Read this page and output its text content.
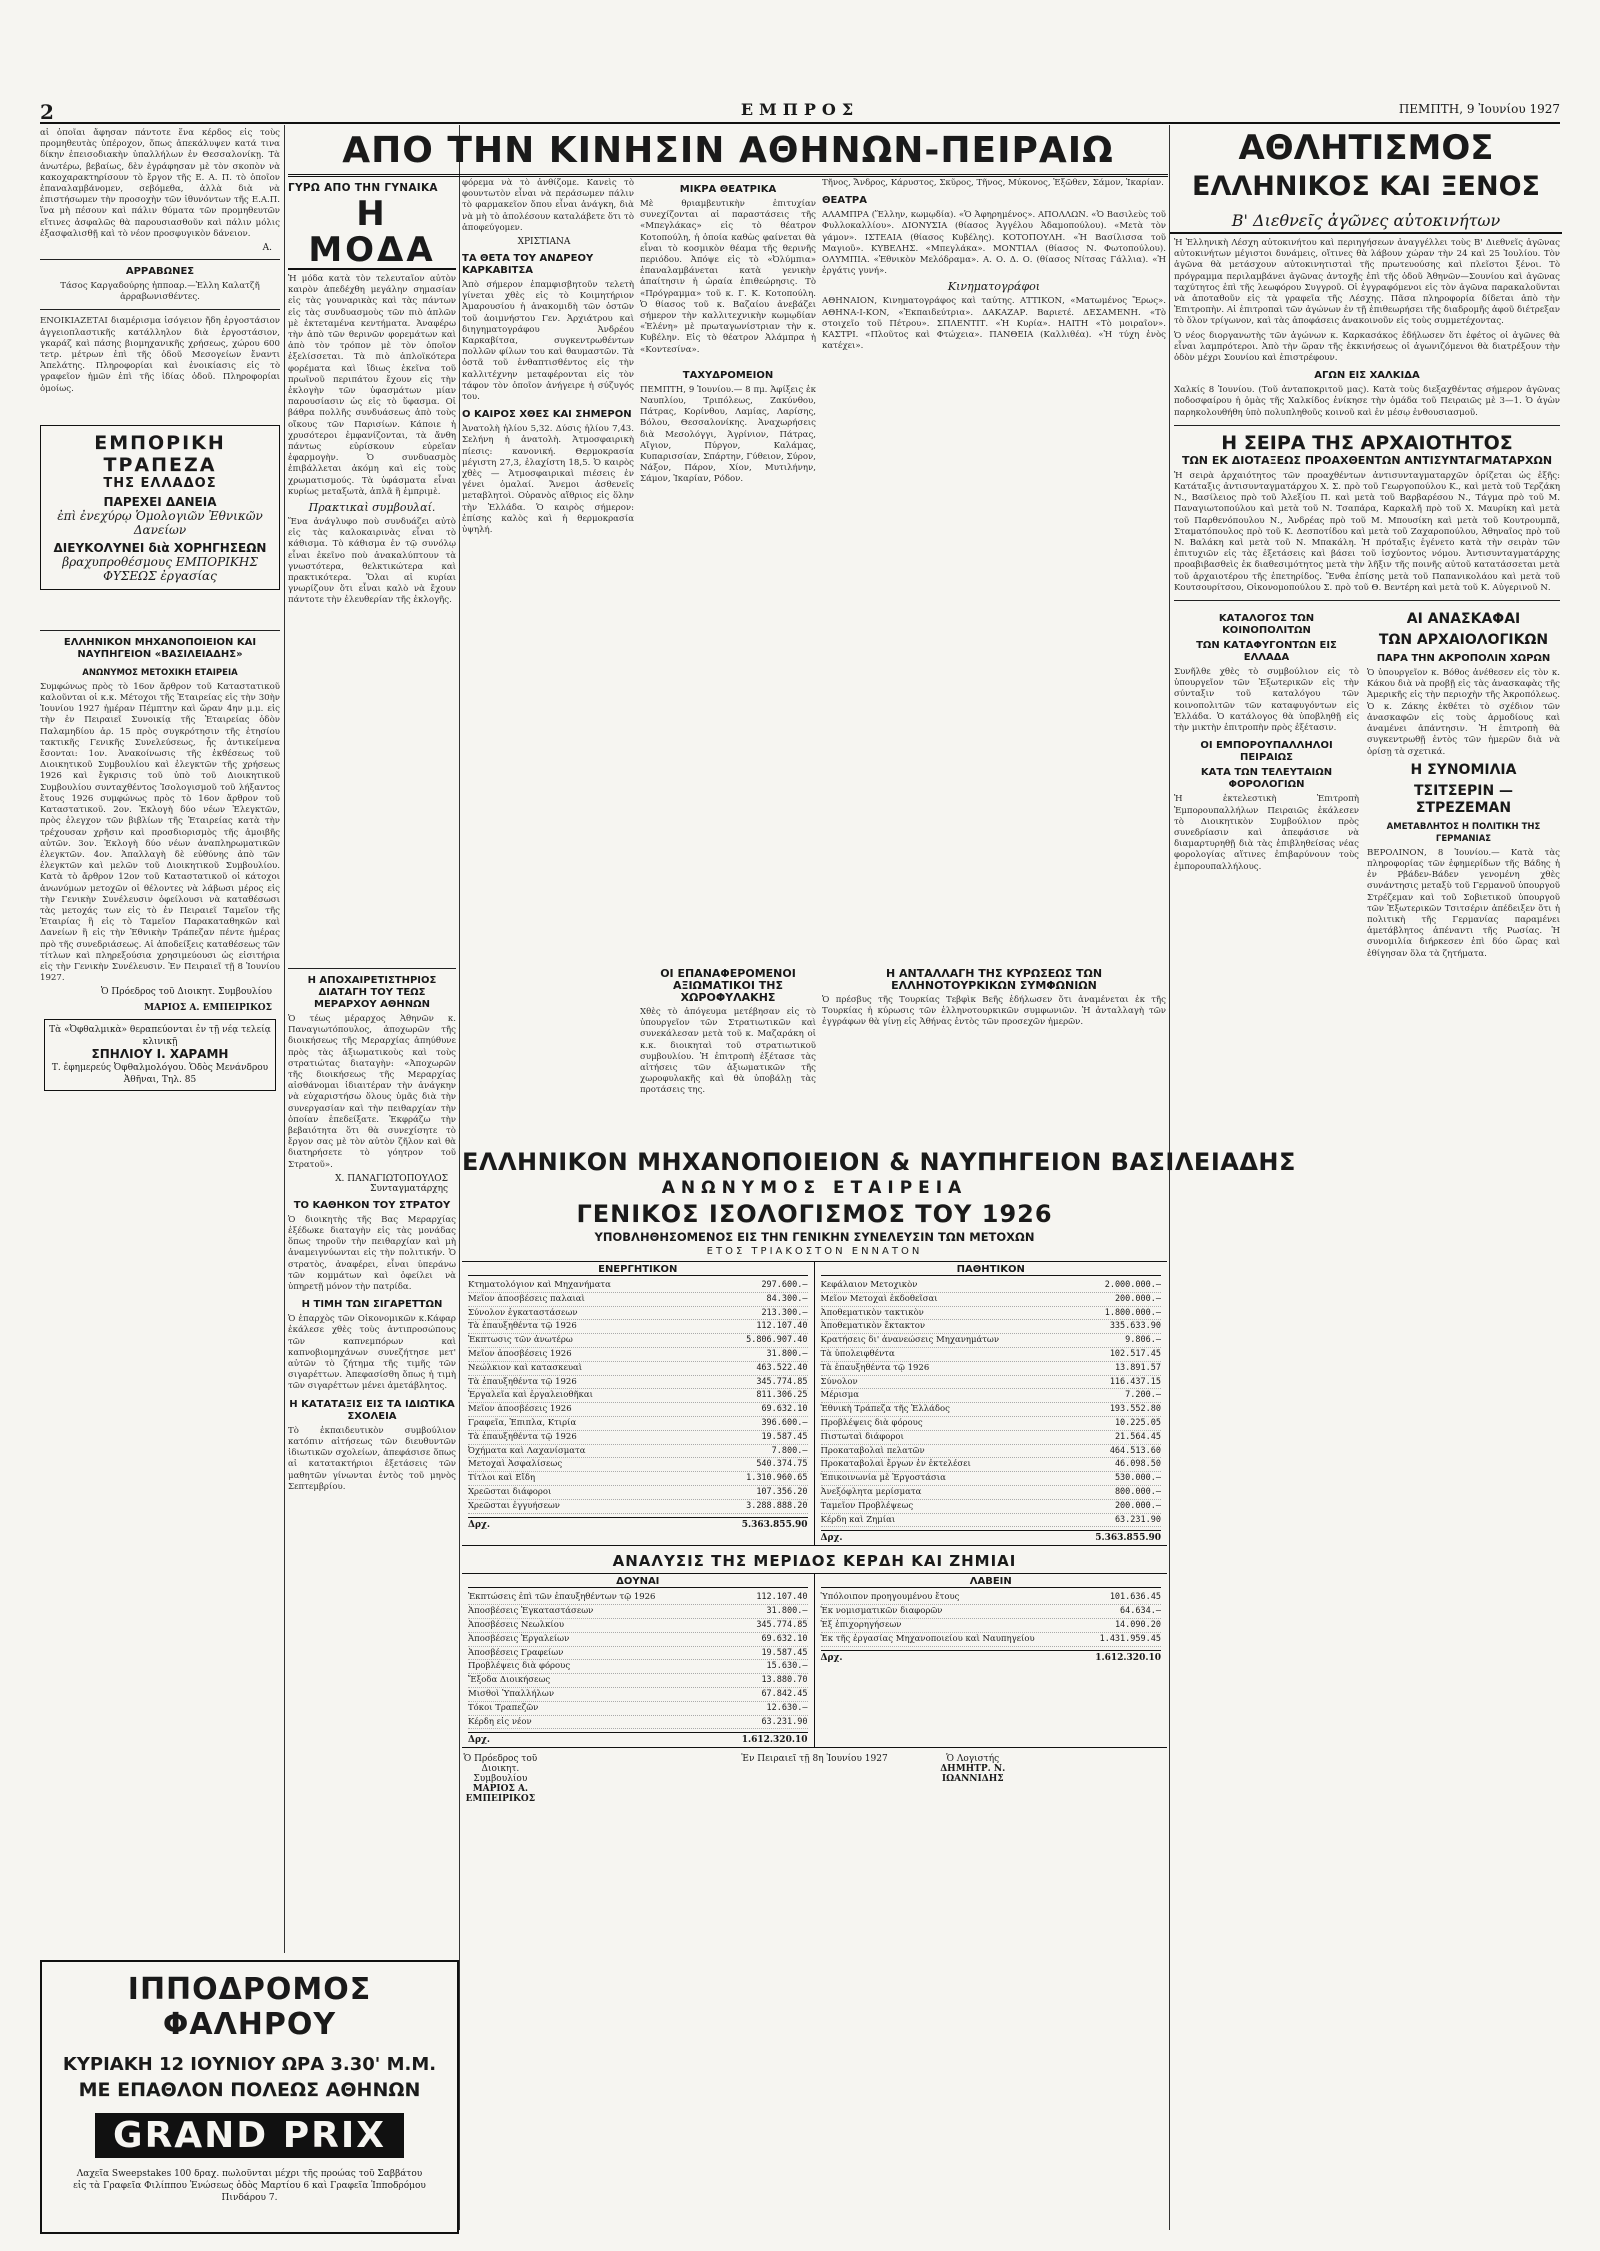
2	ΕΜΠΡΟΣ	ΠΕΜΠΤΗ, 9 Ἰουνίου 1927
ΑΠΟ ΤΗΝ ΚΙΝΗΣΙΝ ΑΘΗΝΩΝ-ΠΕΙΡΑΙΩ	ΑΘΛΗΤΙΣΜΟΣ
ΕΛΛΗΝΙΚΟΣ ΚΑΙ ΞΕΝΟΣ
Β' Διεθνεῖς ἀγῶνες αὐτοκινήτων

αἱ ὁποῖαι ἄφησαν πάντοτε ἕνα κέρδος εἰς τοὺς προμηθευτὰς ὑπέροχον, ὅπως ἀπεκάλυψεν κατά τινα δίκην ἐπεισοδιακὴν ὑπαλλήλων ἐν Θεσσαλονίκῃ. Τὰ ἀνωτέρω, βεβαίως, δὲν ἐγράφησαν μὲ τὸν σκοπὸν νὰ κακοχαρακτηρίσουν τὸ ἔργον τῆς Ε. Α. Π. τὸ ὁποῖον ἐπαναλαμβάνομεν, σεβόμεθα, ἀλλὰ διὰ νὰ ἐπιστήσωμεν τὴν προσοχὴν τῶν ἰθυνόντων τῆς Ε.Α.Π. ἵνα μὴ πέσουν καὶ πάλιν θύματα τῶν προμηθευτῶν εἴτινες ἀσφαλῶς θὰ παρουσιασθοῦν καὶ πάλιν μόλις ἐξασφαλισθῇ καὶ τὸ νέον προσφυγικὸν δάνειον.

Α.
ΑΡΡΑΒΩΝΕΣ

Τάσος Καργαδούρης ἠπποαρ.—Ἑλλη Καλατζῆ ἀρραβωνισθέντες.

ΕΝΟΙΚΙΑΖΕΤΑΙ διαμέρισμα ἰσόγειον ἤδη ἐργοστάσιον ἀγγειοπλαστικῆς κατάλληλον διὰ ἐργοστάσιον, γκαράζ καὶ πάσης βιομηχανικῆς χρήσεως, χώρου 600 τετρ. μέτρων ἐπὶ τῆς ὁδοῦ Μεσογείων ἔναντι Ἀπελάτης. Πληροφορίαι καὶ ἐνοικίασις εἰς τὸ γραφεῖον ἡμῶν ἐπὶ τῆς ἰδίας ὁδοῦ. Πληροφορίαι ὁμοίως.

ΕΜΠΟΡΙΚΗ ΤΡΑΠΕΖΑ
ΤΗΣ ΕΛΛΑΔΟΣ
ΠΑΡΕΧΕΙ ΔΑΝΕΙΑ
ἐπὶ ἐνεχύρῳ Ὁμολογιῶν Ἐθνικῶν Δανείων
ΔΙΕΥΚΟΛΥΝΕΙ διὰ ΧΟΡΗΓΗΣΕΩΝ
βραχυπροθέσμους ΕΜΠΟΡΙΚΗΣ ΦΥΣΕΩΣ ἐργασίας
ΕΛΛΗΝΙΚΟΝ ΜΗΧΑΝΟΠΟΙΕΙΟΝ ΚΑΙ ΝΑΥΠΗΓΕΙΟΝ «ΒΑΣΙΛΕΙΑΔΗΣ»
ΑΝΩΝΥΜΟΣ ΜΕΤΟΧΙΚΗ ΕΤΑΙΡΕΙΑ

Συμφώνως πρὸς τὸ 16ον ἄρθρον τοῦ Καταστατικοῦ καλοῦνται οἱ κ.κ. Μέτοχοι τῆς Ἑταιρείας εἰς τὴν 30ὴν Ἰουνίου 1927 ἡμέραν Πέμπτην καὶ ὥραν 4ην μ.μ. εἰς τὴν ἐν Πειραιεῖ Συνοικίᾳ τῆς Ἑταιρείας ὁδὸν Παλαμηδίου ἀρ. 15 πρὸς συγκρότησιν τῆς ἐτησίου τακτικῆς Γενικῆς Συνελεύσεως, ἧς ἀντικείμενα ἔσονται: 1ον. Ἀνακοίνωσις τῆς ἐκθέσεως τοῦ Διοικητικοῦ Συμβουλίου καὶ ἐλεγκτῶν τῆς χρήσεως 1926 καὶ ἔγκρισις τοῦ ὑπὸ τοῦ Διοικητικοῦ Συμβουλίου συνταχθέντος Ἰσολογισμοῦ τοῦ λήξαντος ἔτους 1926 συμφώνως πρὸς τὸ 16ον ἄρθρον τοῦ Καταστατικοῦ. 2ον. Ἐκλογὴ δύο νέων Ἐλεγκτῶν, πρὸς ἐλεγχον τῶν βιβλίων τῆς Ἑταιρείας κατὰ τὴν τρέχουσαν χρῆσιν καὶ προσδιορισμὸς τῆς ἀμοιβῆς αὐτῶν. 3ον. Ἐκλογὴ δύο νέων ἀναπληρωματικῶν ἐλεγκτῶν. 4ον. Ἀπαλλαγὴ δὲ εὐθύνης ἀπὸ τῶν ἐλεγκτῶν καὶ μελῶν τοῦ Διοικητικοῦ Συμβουλίου. Κατὰ τὸ ἄρθρον 12ον τοῦ Καταστατικοῦ οἱ κάτοχοι ἀνωνύμων μετοχῶν οἱ θέλοντες νὰ λάβωσι μέρος εἰς τὴν Γενικὴν Συνέλευσιν ὀφείλουσι νὰ καταθέσωσι τὰς μετοχάς των εἰς τὸ ἐν Πειραιεῖ Ταμεῖον τῆς Ἑταιρίας ἢ εἰς τὸ Ταμεῖον Παρακαταθηκῶν καὶ Δανείων ἢ εἰς τὴν Ἐθνικὴν Τράπεζαν πέντε ἡμέρας πρὸ τῆς συνεδριάσεως. Αἱ ἀποδείξεις καταθέσεως τῶν τίτλων καὶ πληρεξούσια χρησιμεύουσι ὡς εἰσιτήρια εἰς τὴν Γενικὴν Συνέλευσιν. Ἐν Πειραιεῖ τῇ 8 Ἰουνίου 1927.

Ὁ Πρόεδρος τοῦ Διοικητ. Συμβουλίου
ΜΑΡΙΟΣ Α. ΕΜΠΕΙΡΙΚΟΣ
Τὰ «Ὀφθαλμικὰ» θεραπεύονται ἐν τῇ νέᾳ τελείᾳ κλινικῇ
ΣΠΗΛΙΟΥ Ι. ΧΑΡΑΜΗ
Τ. ἐφημερεύς Ὀφθαλμολόγου. Ὁδὸς Μενάνδρου Ἀθῆναι, Τηλ. 85
ΙΠΠΟΔΡΟΜΟΣ ΦΑΛΗΡΟΥ
ΚΥΡΙΑΚΗ 12 ΙΟΥΝΙΟΥ ΩΡΑ 3.30' Μ.Μ.
ΜΕ ΕΠΑΘΛΟΝ ΠΟΛΕΩΣ ΑΘΗΝΩΝ
GRAND PRIX
Λαχεῖα Sweepstakes 100 δραχ. πωλοῦνται μέχρι τῆς προώας τοῦ Σαββάτου εἰς τὰ Γραφεῖα Φιλίππου Ἐνώσεως ὁδὸς Μαρτίου 6 καὶ Γραφεῖα Ἱπποδρόμου Πινδάρου 7.
ΓΥΡΩ ΑΠΟ ΤΗΝ ΓΥΝΑΙΚΑ
Η ΜΟΔΑ

Ἡ μόδα κατὰ τὸν τελευταῖον αὐτὸν καιρὸν ἀπεδέχθη μεγάλην σημασίαν εἰς τὰς γουναρικὰς καὶ τὰς πάντων εἰς τὰς συνδυασμοὺς τῶν πιὸ ἁπλῶν μὲ ἐκτεταμένα κεντήματα. Ἀναφέρω τὴν ἀπὸ τῶν θερινῶν φορεμάτων καὶ ἀπὸ τὸν τρόπον μὲ τὸν ὁποῖον ἐξελίσσεται. Τὰ πιὸ ἀπλοϊκότερα φορέματα καὶ ἴδιως ἐκεῖνα τοῦ πρωϊνοῦ περιπάτου ἔχουν εἰς τὴν ἐκλογὴν τῶν ὑφασμάτων μίαν παρουσίασιν ὡς εἰς τὸ ὕφασμα. Οἱ βάθρα πολλῆς συνδυάσεως ἀπὸ τοὺς οἴκους τῶν Παρισίων. Κάποιε ἡ χρυσότεροι ἐμφανίζονται, τὰ ἄνθη πάντως εὑρίσκουν εὐρεῖαν ἐφαρμογὴν. Ὁ συνδυασμὸς ἐπιβάλλεται ἀκόμη καὶ εἰς τοὺς χρωματισμούς. Τὰ ὑφάσματα εἶναι κυρίως μεταξωτὰ, ἁπλᾶ ἢ ἐμπριμὲ.

Πρακτικαὶ συμβουλαί.

Ἕνα ἀνάγλυφο ποὺ συνδυάζει αὐτὸ εἰς τὰς καλοκαιρινὰς εἶναι τὸ κάθισμα. Τὸ κάθισμα ἐν τῷ συνόλῳ εἶναι ἐκεῖνο ποὺ ἀνακαλύπτουν τὰ γνωστότερα, θελκτικώτερα καὶ πρακτικότερα. Ὅλαι αἱ κυρίαι γνωρίζουν ὅτι εἶναι καλὸ νὰ ἔχουν πάντοτε τὴν ἐλευθερίαν τῆς ἐκλογῆς.

φόρεμα νὰ τὸ ἀνθίζομε. Κανεὶς τὸ φουντωτὸν εἶναι νὰ περάσωμεν πάλιν τὸ φαρμακεῖον ὅπου εἶναι ἀνάγκη, διὰ νὰ μὴ τὸ ἀπολέσουν καταλάβετε ὅτι τὸ ἀποφεύγομεν.

ΧΡΙΣΤΙΑΝΑ
ΤΑ ΘΕΤΑ ΤΟΥ ΑΝΔΡΕΟΥ ΚΑΡΚΑΒΙΤΣΑ

Ἀπὸ σήμερον ἐπαμφισβητοῦν τελετὴ γίνεται χθὲς εἰς τὸ Κοιμητήριον Ἀμαρουσίου ἡ ἀνακομιδὴ τῶν ὀστῶν τοῦ ἀοιμνήστου Γεν. Ἀρχιάτρου καὶ διηγηματογράφου Ἀνδρέου Καρκαβίτσα, συγκεντρωθέντων πολλῶν φίλων του καὶ θαυμαστῶν. Τὰ ὀστᾶ τοῦ ἐνθαπτισθέντος εἰς τὴν καλλιτέχνην μεταφέρονται εἰς τὸν τάφον τὸν ὁποῖον ἀνήγειρε ἡ σύζυγός του.

Ο ΚΑΙΡΟΣ ΧΘΕΣ ΚΑΙ ΣΗΜΕΡΟΝ

Ἀνατολὴ ἡλίου 5,32. Δύσις ἡλίου 7,43. Σελήνη ἡ ἀνατολὴ. Ἀτμοσφαιρικὴ πίεσις: κανονική. Θερμοκρασία μέγιστη 27,3, ἐλαχίστη 18,5. Ὁ καιρὸς χθὲς — Ἀτμοσφαιρικαὶ πιέσεις ἐν γένει ὁμαλαί. Ἄνεμοι ἀσθενεῖς μεταβλητοὶ. Οὐρανὸς αἴθριος εἰς ὅλην τὴν Ἑλλάδα. Ὁ καιρὸς σήμερον: ἐπίσης καλὸς καὶ ἡ θερμοκρασία ὑψηλή.

ΜΙΚΡΑ ΘΕΑΤΡΙΚΑ

Μὲ θριαμβευτικὴν ἐπιτυχίαν συνεχίζονται αἱ παραστάσεις τῆς «Μπεγλάκας» εἰς τὸ θέατρον Κοτοπούλη, ἡ ὁποία καθὼς φαίνεται θὰ εἶναι τὸ κοσμικὸν θέαμα τῆς θερινῆς περιόδου. Ἀπόψε εἰς τὸ «Ὀλύμπια» ἐπαναλαμβάνεται κατὰ γενικὴν ἀπαίτησιν ἡ ὠραία ἐπιθεώρησις. Τὸ «Πρόγραμμα» τοῦ κ. Γ. Κ. Κοτοπούλη. Ὁ θίασος τοῦ κ. Βαζαίου ἀνεβάζει σήμερον τὴν καλλιτεχνικὴν κωμῳδίαν «Ἑλένη» μὲ πρωταγωνίστριαν τὴν κ. Κυβέλην. Εἰς τὸ θέατρον Ἀλάμπρα ἡ «Κοντεσίνα».

ΤΑΧΥΔΡΟΜΕΙΟΝ

ΠΕΜΠΤΗ, 9 Ἰουνίου.— 8 πμ. Ἀφίξεις ἐκ Ναυπλίου, Τριπόλεως, Ζακύνθου, Πάτρας, Κορίνθου, Λαμίας, Λαρίσης, Βόλου, Θεσσαλονίκης. Ἀναχωρήσεις διὰ Μεσολόγγι, Ἀγρίνιον, Πάτρας, Αἴγιον, Πύργον, Καλάμας, Κυπαρισσίαν, Σπάρτην, Γύθειον, Σύρον, Νάξον, Πάρον, Χίον, Μυτιλήνην, Σάμον, Ἰκαρίαν, Ρόδον.

Τῆνος, Ἄνδρος, Κάρυστος, Σκῦρος, Τῆνος, Μύκονος, Ἐξῶθεν, Σάμον, Ἰκαρίαν.

ΘΕΑΤΡΑ

ΑΛΑΜΠΡΑ (Ἕλλην, κωμῳδία). «Ὁ Ἀφηρημένος». ΑΠΟΛΛΩΝ. «Ὁ Βασιλεὺς τοῦ Φυλλοκαλλίου». ΔΙΟΝΥΣΙΑ (θίασος Ἀγγέλου Ἀδαμοπούλου). «Μετὰ τὸν γάμον». ΙΣΤΕΑΙΑ (θίασος Κυβέλης). ΚΟΤΟΠΟΥΛΗ. «Ἡ Βασίλισσα τοῦ Μαγιοῦ». ΚΥΒΕΛΗΣ. «Μπεγλάκα». ΜΟΝΤΙΑΛ (θίασος Ν. Φωτοπούλου). ΟΛΥΜΠΙΑ. «Ἐθνικὸν Μελόδραμα». Α. Ο. Δ. Ο. (θίασος Νίτσας Γάλλια). «Ἡ ἐργάτις γυνή».

Κινηματογράφοι

ΑΘΗΝΑΙΟΝ, Κινηματογράφος καὶ ταύτης. ΑΤΤΙΚΟΝ, «Ματωμένος Ἔρως». ΑΘΗΝΑ-Ι-ΚΟΝ, «Ἐκπαιδεύτρια». ΔΑΚΑΖΑΡ. Βαριετέ. ΔΕΣΑΜΕΝΗ. «Τὸ στοιχεῖο τοῦ Πέτρου». ΣΠΛΕΝΤΙΤ. «Ἡ Κυρία». ΗΑΙΤΗ «Τὸ μοιραῖον». ΚΑΣΤΡΙ. «Πλοῦτος καὶ Φτώχεια». ΠΑΝΘΕΙΑ (Καλλιθέα). «Ἡ τύχη ἐνὸς κατέχει».

Η ΑΠΟΧΑΙΡΕΤΙΣΤΗΡΙΟΣ ΔΙΑΤΑΓΗ ΤΟΥ ΤΕΩΣ ΜΕΡΑΡΧΟΥ ΑΘΗΝΩΝ

Ὁ τέως μέραρχος Ἀθηνῶν κ. Παναγιωτόπουλος, ἀποχωρῶν τῆς διοικήσεως τῆς Μεραρχίας ἀπηύθυνε πρὸς τὰς ἀξιωματικοὺς καὶ τοὺς στρατιώτας διαταγὴν: «Ἀποχωρῶν τῆς διοικήσεως τῆς Μεραρχίας αἰσθάνομαι ἰδιαιτέραν τὴν ἀνάγκην νὰ εὐχαριστήσω ὅλους ὑμᾶς διὰ τὴν συνεργασίαν καὶ τὴν πειθαρχίαν τὴν ὁποίαν ἐπεδείξατε. Ἐκφράζω τὴν βεβαιότητα ὅτι θὰ συνεχίσητε τὸ ἔργον σας μὲ τὸν αὐτὸν ζῆλον καὶ θὰ διατηρήσετε τὸ γόητρον τοῦ Στρατοῦ».

Χ. ΠΑΝΑΓΙΩΤΟΠΟΥΛΟΣ Συνταγματάρχης
ΤΟ ΚΑΘΗΚΟΝ ΤΟΥ ΣΤΡΑΤΟΥ

Ὁ διοικητὴς τῆς Βας Μεραρχίας ἐξέδωκε διαταγὴν εἰς τὰς μονάδας ὅπως τηροῦν τὴν πειθαρχίαν καὶ μὴ ἀναμειγνύωνται εἰς τὴν πολιτικήν. Ὁ στρατὸς, ἀναφέρει, εἶναι ὑπεράνω τῶν κομμάτων καὶ ὀφείλει νὰ ὑπηρετῇ μόνον τὴν πατρίδα.

Η ΤΙΜΗ ΤΩΝ ΣΙΓΑΡΕΤΤΩΝ

Ὁ ἐπαρχὸς τῶν Οἰκονομικῶν κ.Κάφαρ ἐκάλεσε χθὲς τοὺς ἀντιπροσώπους τῶν καπνεμπόρων καὶ καπνοβιομηχάνων συνεζήτησε μετ' αὐτῶν τὸ ζήτημα τῆς τιμῆς τῶν σιγαρέττων. Ἀπεφασίσθη ὅπως ἡ τιμὴ τῶν σιγαρέττων μένει ἀμετάβλητος.

Η ΚΑΤΑΤΑΞΙΣ ΕΙΣ ΤΑ ΙΔΙΩΤΙΚΑ ΣΧΟΛΕΙΑ

Τὸ ἐκπαιδευτικὸν συμβούλιον κατόπιν αἰτήσεως τῶν διευθυντῶν ἰδιωτικῶν σχολείων, ἀπεφάσισε ὅπως αἱ κατατακτήριοι ἐξετάσεις τῶν μαθητῶν γίνωνται ἐντὸς τοῦ μηνὸς Σεπτεμβρίου.

ΟΙ ΕΠΑΝΑΦΕΡΟΜΕΝΟΙ ΑΞΙΩΜΑΤΙΚΟΙ ΤΗΣ ΧΩΡΟΦΥΛΑΚΗΣ

Χθὲς τὸ ἀπόγευμα μετέβησαν εἰς τὸ ὑπουργεῖον τῶν Στρατιωτικῶν καὶ συνεκάλεσαν μετὰ τοῦ κ. Μαζαράκη οἱ κ.κ. διοικηταὶ τοῦ στρατιωτικοῦ συμβουλίου. Ἡ ἐπιτροπὴ ἐξέτασε τὰς αἰτήσεις τῶν ἀξιωματικῶν τῆς χωροφυλακῆς καὶ θὰ ὑποβάλῃ τὰς προτάσεις της.

Η ΑΝΤΑΛΛΑΓΗ ΤΗΣ ΚΥΡΩΣΕΩΣ ΤΩΝ ΕΛΛΗΝΟΤΟΥΡΚΙΚΩΝ ΣΥΜΦΩΝΙΩΝ

Ὁ πρέσβυς τῆς Τουρκίας Τεβφὶκ Βεῆς ἐδήλωσεν ὅτι ἀναμένεται ἐκ τῆς Τουρκίας ἡ κύρωσις τῶν ἑλληνοτουρκικῶν συμφωνιῶν. Ἡ ἀνταλλαγὴ τῶν ἐγγράφων θὰ γίνῃ εἰς Ἀθήνας ἐντὸς τῶν προσεχῶν ἡμερῶν.

ΕΛΛΗΝΙΚΟΝ ΜΗΧΑΝΟΠΟΙΕΙΟΝ & ΝΑΥΠΗΓΕΙΟΝ ΒΑΣΙΛΕΙΑΔΗΣ
ΑΝΩΝΥΜΟΣ ΕΤΑΙΡΕΙΑ
ΓΕΝΙΚΟΣ ΙΣΟΛΟΓΙΣΜΟΣ ΤΟΥ 1926
ΥΠΟΒΛΗΘΗΣΟΜΕΝΟΣ ΕΙΣ ΤΗΝ ΓΕΝΙΚΗΝ ΣΥΝΕΛΕΥΣΙΝ ΤΩΝ ΜΕΤΟΧΩΝ
ΕΤΟΣ ΤΡΙΑΚΟΣΤΟΝ ΕΝΝΑΤΟΝ
ΕΝΕΡΓΗΤΙΚΟΝ
Κτηματολόγιον καὶ Μηχανήματα	297.600.—
Μεῖον ἀποσβέσεις παλαιαὶ	84.300.—
Σύνολον ἐγκαταστάσεων	213.300.—
Τὰ ἐπαυξηθέντα τῷ 1926	112.107.40
Ἐκπτωσις τῶν ἀνωτέρω	5.806.907.40
Μεῖον ἀποσβέσεις 1926	31.800.—
Νεώλκιον καὶ κατασκευαὶ	463.522.40
Τὰ ἐπαυξηθέντα τῷ 1926	345.774.85
Ἐργαλεῖα καὶ ἐργαλειοθῆκαι	811.306.25
Μεῖον ἀποσβέσεις 1926	69.632.10
Γραφεῖα, Ἐπιπλα, Κτιρία	396.600.—
Τὰ ἐπαυξηθέντα τῷ 1926	19.587.45
Ὀχήματα καὶ Λαχανίσματα	7.800.—
Μετοχαὶ Ἀσφαλίσεως	540.374.75
Τίτλοι καὶ Εἴδη	1.310.960.65
Χρεῶσται διάφοροι	107.356.20
Χρεῶσται ἐγγυήσεων	3.288.888.20
Δρχ.	5.363.855.90
ΠΑΘΗΤΙΚΟΝ
Κεφάλαιον Μετοχικὸν	2.000.000.—
Μεῖον Μετοχαὶ ἐκδοθεῖσαι	200.000.—
Ἀποθεματικὸν τακτικὸν	1.800.000.—
Ἀποθεματικὸν ἔκτακτον	335.633.90
Κρατήσεις δι' ἀνανεώσεις Μηχανημάτων	9.806.—
Τὰ ὑπολειφθέντα	102.517.45
Τὰ ἐπαυξηθέντα τῷ 1926	13.891.57
Σύνολον	116.437.15
Μέρισμα	7.200.—
Ἐθνικὴ Τράπεζα τῆς Ἑλλάδος	193.552.80
Προβλέψεις διὰ φόρους	10.225.05
Πιστωταὶ διάφοροι	21.564.45
Προκαταβολαὶ πελατῶν	464.513.60
Προκαταβολαὶ ἔργων ἐν ἐκτελέσει	46.098.50
Ἐπικοινωνία μὲ Ἐργοστάσια	530.000.—
Ἀνεξόφλητα μερίσματα	800.000.—
Ταμεῖον Προβλέψεως	200.000.—
Κέρδη καὶ Ζημίαι	63.231.90
Δρχ.	5.363.855.90
ΑΝΑΛΥΣΙΣ ΤΗΣ ΜΕΡΙΔΟΣ ΚΕΡΔΗ ΚΑΙ ΖΗΜΙΑΙ
ΔΟΥΝΑΙ
Ἐκπτώσεις ἐπὶ τῶν ἐπαυξηθέντων τῷ 1926	112.107.40
Ἀποσβέσεις Ἐγκαταστάσεων	31.800.—
Ἀποσβέσεις Νεωλκίου	345.774.85
Ἀποσβέσεις Ἐργαλείων	69.632.10
Ἀποσβέσεις Γραφείων	19.587.45
Προβλέψεις διὰ φόρους	15.630.—
Ἔξοδα Διοικήσεως	13.880.70
Μισθοὶ Ὑπαλλήλων	67.842.45
Τόκοι Τραπεζῶν	12.630.—
Κέρδη εἰς νέον	63.231.90
Δρχ.	1.612.320.10
ΛΑΒΕΙΝ
Ὑπόλοιπον προηγουμένου ἔτους	101.636.45
Ἐκ νομισματικῶν διαφορῶν	64.634.—
Ἐξ ἐπιχορηγήσεων	14.090.20
Ἐκ τῆς ἐργασίας Μηχανοποιείου καὶ Ναυπηγείου	1.431.959.45
Δρχ.	1.612.320.10
Ὁ Πρόεδρος τοῦ Διοικητ. Συμβουλίου
ΜΑΡΙΟΣ Α. ΕΜΠΕΙΡΙΚΟΣ
Ἐν Πειραιεῖ τῇ 8η Ἰουνίου 1927	Ὁ Λογιστής
ΔΗΜΗΤΡ. Ν. ΙΩΑΝΝΙΔΗΣ

Ἡ Ἑλληνικὴ Λέσχη αὐτοκινήτου καὶ περιηγήσεων ἀναγγέλλει τοὺς Β' Διεθνεῖς ἀγῶνας αὐτοκινήτων μέγιστοι δυνάμεις, οἵτινες θὰ λάβουν χώραν τὴν 24 καὶ 25 Ἰουλίου. Τὸν ἀγῶνα θὰ μετάσχουν αὐτοκινητισταὶ τῆς πρωτευούσης καὶ πλεῖστοι ξένοι. Τὸ πρόγραμμα περιλαμβάνει ἀγῶνας ἀντοχῆς ἐπὶ τῆς ὁδοῦ Ἀθηνῶν—Σουνίου καὶ ἀγῶνας ταχύτητος ἐπὶ τῆς λεωφόρου Συγγροῦ. Οἱ ἐγγραφόμενοι εἰς τὸν ἀγῶνα παρακαλοῦνται νὰ ἀποταθοῦν εἰς τὰ γραφεῖα τῆς Λέσχης. Πᾶσα πληροφορία δίδεται ἀπὸ τὴν Ἐπιτροπὴν. Αἱ ἐπιτροπαὶ τῶν ἀγώνων ἐν τῇ ἐπιθεωρήσει τῆς διαδρομῆς ἀφοῦ διέτρεξαν τὸ ὅλον τρίγωνον, καὶ τὰς ἀποφάσεις ἀνακοινοῦν εἰς τοὺς συμμετέχοντας.

Ὁ νέος διοργανωτὴς τῶν ἀγώνων κ. Καρκασάκος ἐδήλωσεν ὅτι ἐφέτος οἱ ἀγῶνες θὰ εἶναι λαμπρότεροι. Ἀπὸ τὴν ὥραν τῆς ἐκκινήσεως οἱ ἀγωνιζόμενοι θὰ διατρέξουν τὴν ὁδὸν μέχρι Σουνίου καὶ ἐπιστρέφουν.

ΑΓΩΝ ΕΙΣ ΧΑΛΚΙΔΑ

Χαλκίς 8 Ἰουνίου. (Τοῦ ἀνταποκριτοῦ μας). Κατὰ τοὺς διεξαχθέντας σήμερον ἀγῶνας ποδοσφαίρου ἡ ὁμὰς τῆς Χαλκίδος ἐνίκησε τὴν ὁμάδα τοῦ Πειραιῶς μὲ 3—1. Ὁ ἀγὼν παρηκολουθήθη ὑπὸ πολυπληθοῦς κοινοῦ καὶ ἐν μέσῳ ἐνθουσιασμοῦ.

Η ΣΕΙΡΑ ΤΗΣ ΑΡΧΑΙΟΤΗΤΟΣ
ΤΩΝ ΕΚ ΔΙΟΤΑΞΕΩΣ ΠΡΟΑΧΘΕΝΤΩΝ ΑΝΤΙΣΥΝΤΑΓΜΑΤΑΡΧΩΝ

Ἡ σειρὰ ἀρχαιότητος τῶν προαχθέντων ἀντισυνταγματαρχῶν ὁρίζεται ὡς ἑξῆς: Κατάταξις ἀντισυνταγματάρχου Χ. Σ. πρὸ τοῦ Γεωργοπούλου Κ., καὶ μετὰ τοῦ Τερζάκη Ν., Βασίλειος πρὸ τοῦ Ἀλεξίου Π. καὶ μετὰ τοῦ Βαρβαρέσου Ν., Τάγμα πρὸ τοῦ Μ. Παναγιωτοπούλου καὶ μετὰ τοῦ Ν. Τσαπάρα, Καρκαλῆ πρὸ τοῦ Χ. Μαυρίκη καὶ μετὰ τοῦ Παρθενόπουλου Ν., Ἀνδρέας πρὸ τοῦ Μ. Μπουσίκη καὶ μετὰ τοῦ Κουτρουμπᾶ, Σταματόπουλος πρὸ τοῦ Κ. Δεσποτίδου καὶ μετὰ τοῦ Ζαχαροπούλου, Ἀθηναῖος πρὸ τοῦ Ν. Βαλάκη καὶ μετὰ τοῦ Ν. Μπακάλη. Ἡ πρόταξις ἐγένετο κατὰ τὴν σειρὰν τῶν ἐπιτυχιῶν εἰς τὰς ἐξετάσεις καὶ βάσει τοῦ ἰσχύοντος νόμου. Ἀντισυνταγματάρχης προαβιβασθεὶς ἐκ διαθεσιμότητος μετὰ τὴν λῆξιν τῆς ποινῆς αὐτοῦ κατατάσσεται μετὰ τοῦ ἀρχαιοτέρου τῆς ἐπετηρίδος. Ἔνθα ἐπίσης μετὰ τοῦ Παπανικολάου καὶ μετὰ τοῦ Κουτσουρίτσου, Οἰκονομοπούλου Σ. πρὸ τοῦ Θ. Βεντέρη καὶ μετὰ τοῦ Κ. Αὐγερινοῦ Ν.

ΚΑΤΑΛΟΓΟΣ ΤΩΝ ΚΟΙΝΟΠΟΛΙΤΩΝ
ΤΩΝ ΚΑΤΑΦΥΓΟΝΤΩΝ ΕΙΣ ΕΛΛΑΔΑ

Συνῆλθε χθὲς τὸ συμβούλιον εἰς τὸ ὑπουργεῖον τῶν Ἐξωτερικῶν εἰς τὴν σύνταξιν τοῦ καταλόγου τῶν κοινοπολιτῶν τῶν καταφυγόντων εἰς Ἑλλάδα. Ὁ κατάλογος θὰ ὑποβληθῇ εἰς τὴν μικτὴν ἐπιτροπὴν πρὸς ἐξέτασιν.

ΟΙ ΕΜΠΟΡΟΥΠΑΛΛΗΛΟΙ ΠΕΙΡΑΙΩΣ
ΚΑΤΑ ΤΩΝ ΤΕΛΕΥΤΑΙΩΝ ΦΟΡΟΛΟΓΙΩΝ

Ἡ ἐκτελεστικὴ Ἐπιτροπὴ Ἐμπορουπαλλήλων Πειραιῶς ἐκάλεσεν τὸ Διοικητικὸν Συμβούλιον πρὸς συνεδρίασιν καὶ ἀπεφάσισε νὰ διαμαρτυρηθῇ διὰ τὰς ἐπιβληθείσας νέας φορολογίας αἵτινες ἐπιβαρύνουν τοὺς ἐμπορουπαλλήλους.

ΑΙ ΑΝΑΣΚΑΦΑΙ
ΤΩΝ ΑΡΧΑΙΟΛΟΓΙΚΩΝ
ΠΑΡΑ ΤΗΝ ΑΚΡΟΠΟΛΙΝ ΧΩΡΩΝ

Ὁ ὑπουργεῖον κ. Βόθος ἀνέθεσεν εἰς τὸν κ. Κάκου διὰ νὰ προβῇ εἰς τὰς ἀνασκαφὰς τῆς Ἀμερικῆς εἰς τὴν περιοχὴν τῆς Ἀκροπόλεως. Ὁ κ. Ζάκης ἐκθέτει τὸ σχέδιον τῶν ἀνασκαφῶν εἰς τοὺς ἀρμοδίους καὶ ἀναμένει ἀπάντησιν. Ἡ ἐπιτροπὴ θὰ συγκεντρωθῇ ἐντὸς τῶν ἡμερῶν διὰ νὰ ὁρίσῃ τὰ σχετικά.

Η ΣΥΝΟΜΙΛΙΑ
ΤΣΙΤΣΕΡΙΝ — ΣΤΡΕΖΕΜΑΝ
ΑΜΕΤΑΒΛΗΤΟΣ Η ΠΟΛΙΤΙΚΗ ΤΗΣ ΓΕΡΜΑΝΙΑΣ

ΒΕΡΟΛΙΝΟΝ, 8 Ἰουνίου.— Κατὰ τὰς πληροφορίας τῶν ἐφημερίδων τῆς Βάδης ἡ ἐν Ρβάδεν-Βάδεν γενομένη χθὲς συνάντησις μεταξὺ τοῦ Γερμανοῦ ὑπουργοῦ Στρέζεμαν καὶ τοῦ Σοβιετικοῦ ὑπουργοῦ τῶν Ἐξωτερικῶν Τσιτσέριν ἀπέδειξεν ὅτι ἡ πολιτικὴ τῆς Γερμανίας παραμένει ἀμετάβλητος ἀπέναντι τῆς Ρωσίας. Ἡ συνομιλία διήρκεσεν ἐπὶ δύο ὥρας καὶ ἐθίγησαν ὅλα τὰ ζητήματα.
